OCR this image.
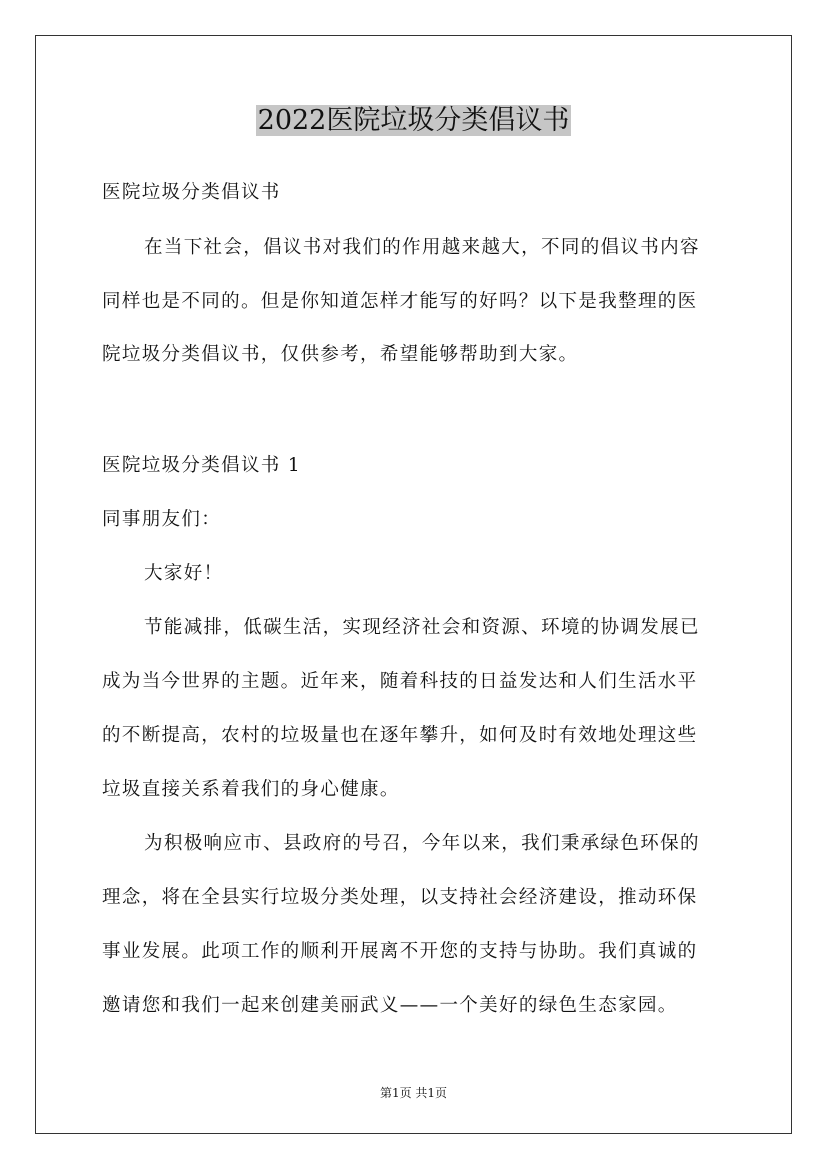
2022医院垃圾分类倡议书
医院垃圾分类倡议书
在当下社会，倡议书对我们的作用越来越大，不同的倡议书内容
同样也是不同的。但是你知道怎样才能写的好吗？以下是我整理的医
院垃圾分类倡议书，仅供参考，希望能够帮助到大家。
医院垃圾分类倡议书 1
同事朋友们：
大家好！
节能减排，低碳生活，实现经济社会和资源、环境的协调发展已
成为当今世界的主题。近年来，随着科技的日益发达和人们生活水平
的不断提高，农村的垃圾量也在逐年攀升，如何及时有效地处理这些
垃圾直接关系着我们的身心健康。
为积极响应市、县政府的号召，今年以来，我们秉承绿色环保的
理念，将在全县实行垃圾分类处理，以支持社会经济建设，推动环保
事业发展。此项工作的顺利开展离不开您的支持与协助。我们真诚的
邀请您和我们一起来创建美丽武义——一个美好的绿色生态家园。
第1页 共1页
